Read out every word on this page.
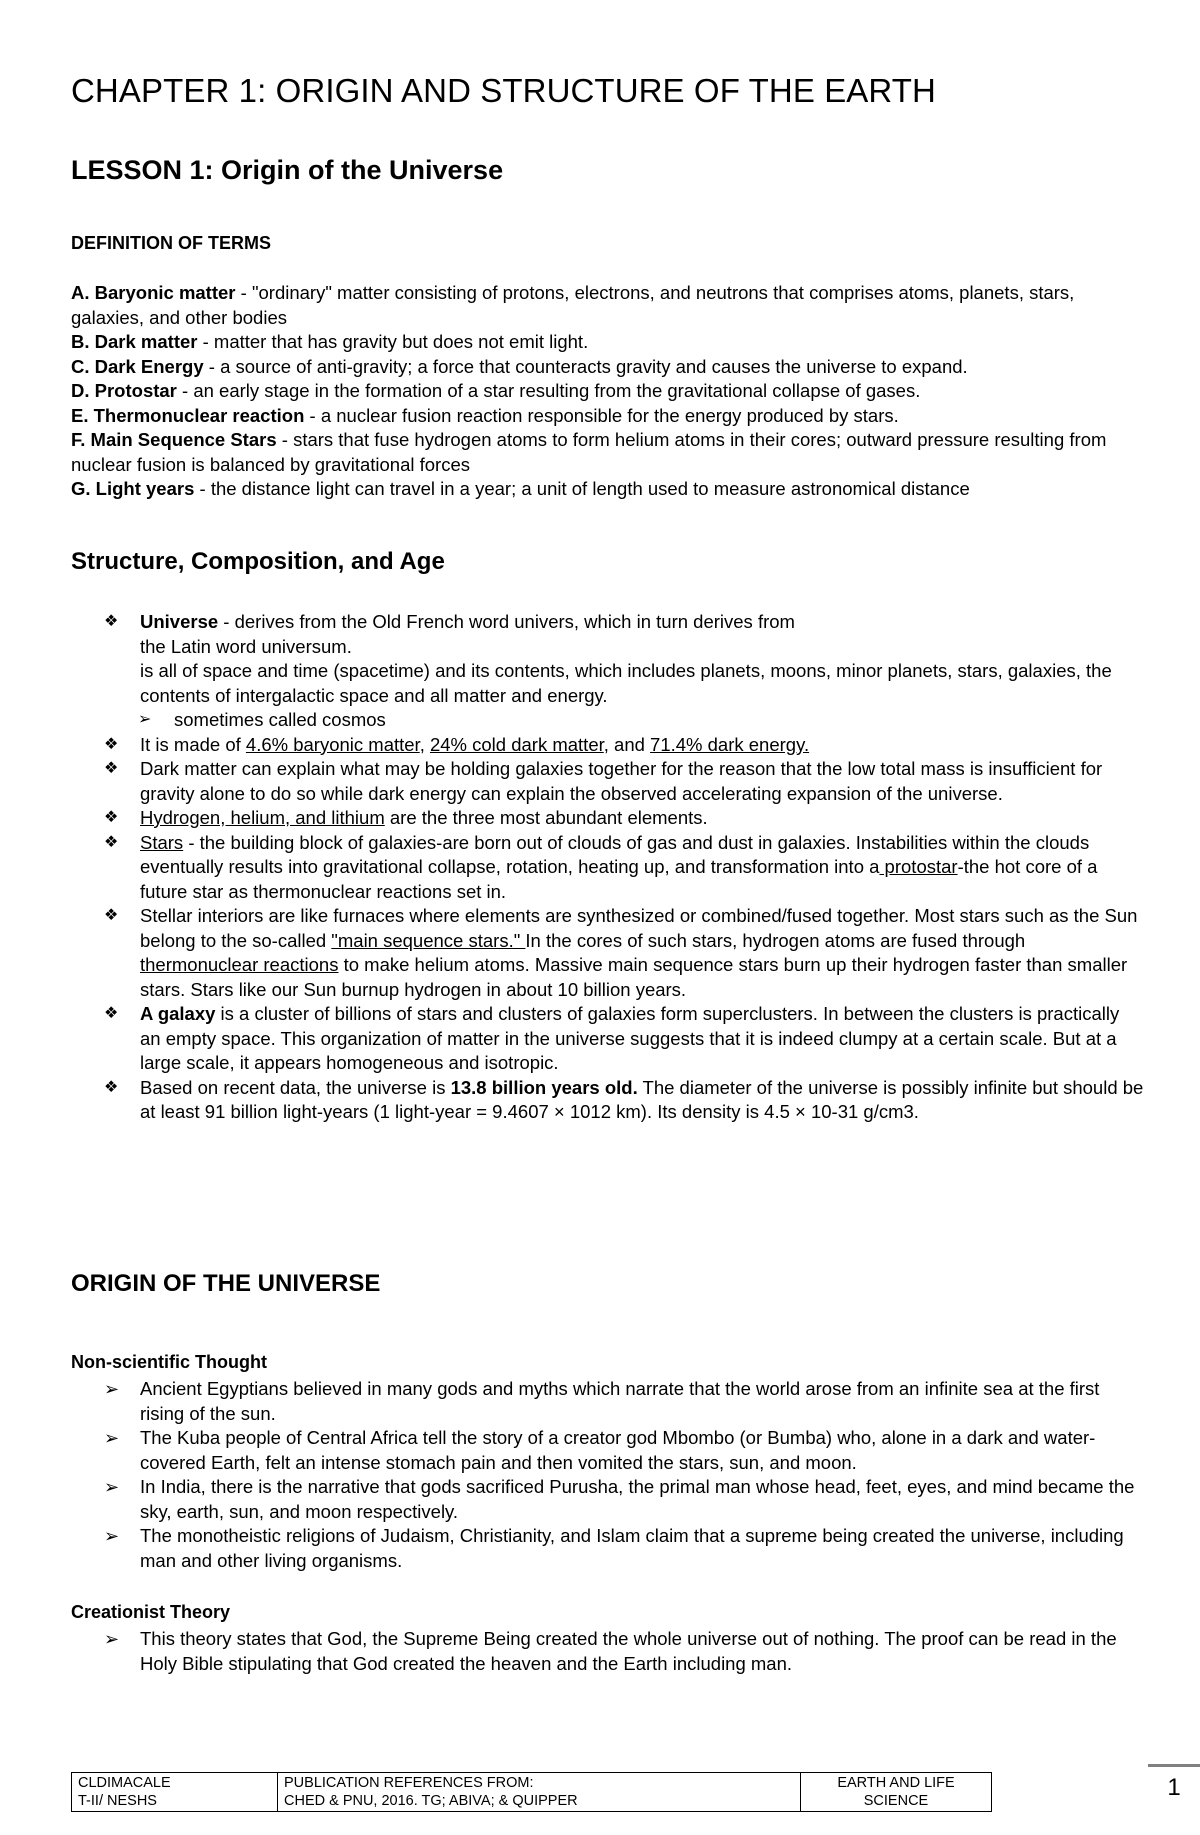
CHAPTER 1: ORIGIN AND STRUCTURE OF THE EARTH
LESSON 1: Origin of the Universe
DEFINITION OF TERMS

A. Baryonic matter - "ordinary" matter consisting of protons, electrons, and neutrons that comprises atoms, planets, stars, galaxies, and other bodies

B. Dark matter - matter that has gravity but does not emit light.

C. Dark Energy - a source of anti-gravity; a force that counteracts gravity and causes the universe to expand.

D. Protostar - an early stage in the formation of a star resulting from the gravitational collapse of gases.

E. Thermonuclear reaction - a nuclear fusion reaction responsible for the energy produced by stars.

F. Main Sequence Stars - stars that fuse hydrogen atoms to form helium atoms in their cores; outward pressure resulting from nuclear fusion is balanced by gravitational forces

G. Light years - the distance light can travel in a year; a unit of length used to measure astronomical distance

Structure, Composition, and Age
❖	Universe - derives from the Old French word univers, which in turn derives from
the Latin word universum.
is all of space and time (spacetime) and its contents, which includes planets, moons, minor planets, stars, galaxies, the contents of intergalactic space and all matter and energy.
➢	sometimes called cosmos
❖	It is made of 4.6% baryonic matter, 24% cold dark matter, and 71.4% dark energy.
❖	Dark matter can explain what may be holding galaxies together for the reason that the low total mass is insufficient for gravity alone to do so while dark energy can explain the observed accelerating expansion of the universe.
❖	Hydrogen, helium, and lithium are the three most abundant elements.
❖	Stars - the building block of galaxies-are born out of clouds of gas and dust in galaxies. Instabilities within the clouds eventually results into gravitational collapse, rotation, heating up, and transformation into a protostar-the hot core of a future star as thermonuclear reactions set in.
❖	Stellar interiors are like furnaces where elements are synthesized or combined/fused together. Most stars such as the Sun belong to the so-called "main sequence stars." In the cores of such stars, hydrogen atoms are fused through thermonuclear reactions to make helium atoms. Massive main sequence stars burn up their hydrogen faster than smaller stars. Stars like our Sun burnup hydrogen in about 10 billion years.
❖	A galaxy is a cluster of billions of stars and clusters of galaxies form superclusters. In between the clusters is practically an empty space. This organization of matter in the universe suggests that it is indeed clumpy at a certain scale. But at a large scale, it appears homogeneous and isotropic.
❖	Based on recent data, the universe is 13.8 billion years old. The diameter of the universe is possibly infinite but should be at least 91 billion light-years (1 light-year = 9.4607 × 1012 km). Its density is 4.5 × 10-31 g/cm3.
ORIGIN OF THE UNIVERSE
Non-scientific Thought
➢ Ancient Egyptians believed in many gods and myths which narrate that the world arose from an infinite sea at the first rising of the sun.
➢ The Kuba people of Central Africa tell the story of a creator god Mbombo (or Bumba) who, alone in a dark and water-covered Earth, felt an intense stomach pain and then vomited the stars, sun, and moon.
➢ In India, there is the narrative that gods sacrificed Purusha, the primal man whose head, feet, eyes, and mind became the sky, earth, sun, and moon respectively.
➢ The monotheistic religions of Judaism, Christianity, and Islam claim that a supreme being created the universe, including man and other living organisms.
Creationist Theory
➢ This theory states that God, the Supreme Being created the whole universe out of nothing. The proof can be read in the Holy Bible stipulating that God created the heaven and the Earth including man.
CLDIMACALE
T-II/ NESHS	PUBLICATION REFERENCES FROM:
CHED & PNU, 2016. TG; ABIVA; & QUIPPER	EARTH AND LIFE
SCIENCE	1
